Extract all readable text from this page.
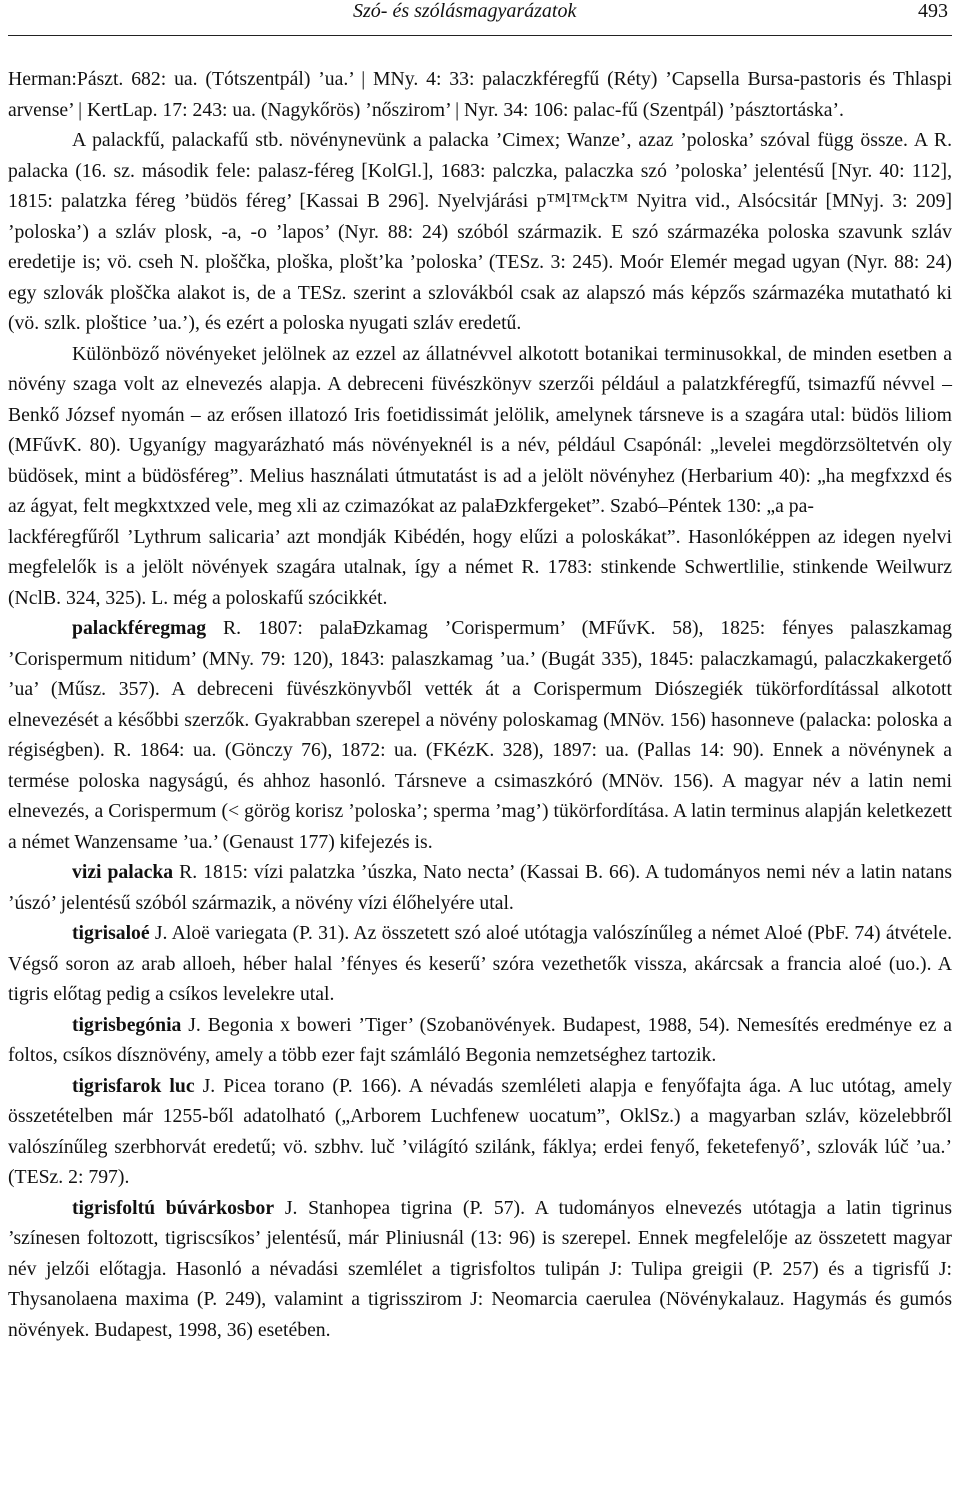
Szó- és szólásmagyarázatok	493

Herman:Pászt. 682: ua. (Tótszentpál) ’ua.’ | MNy. 4: 33: palaczkféregfű (Réty) ’Capsella Bursa-pastoris és Thlaspi arvense’ | KertLap. 17: 243: ua. (Nagykőrös) ’nőszirom’ | Nyr. 34: 106: palac-fű (Szentpál) ’pásztortáska’.

A palackfű, palackafű stb. növénynevünk a palacka ’Cimex; Wanze’, azaz ’poloska’ szóval függ össze. A R. palacka (16. sz. második fele: palasz-féreg [KolGl.], 1683: palczka, palaczka szó ’poloska’ jelentésű [Nyr. 40: 112], 1815: palatzka féreg ’büdös féreg’ [Kassai B 296]. Nyelvjárási p™l™ck™ Nyitra vid., Alsócsitár [MNyj. 3: 209] ’poloska’) a szláv plosk, -a, -o ’lapos’ (Nyr. 88: 24) szóból származik. E szó származéka poloska szavunk szláv eredetije is; vö. cseh N. ploščka, ploška, plošt’ka ’poloska’ (TESz. 3: 245). Moór Elemér megad ugyan (Nyr. 88: 24) egy szlovák ploščka alakot is, de a TESz. szerint a szlovákból csak az alapszó más képzős származéka mutatható ki (vö. szlk. ploštice ’ua.’), és ezért a poloska nyugati szláv eredetű.

Különböző növényeket jelölnek az ezzel az állatnévvel alkotott botanikai terminusokkal, de minden esetben a növény szaga volt az elnevezés alapja. A debreceni füvészkönyv szerzői például a palatzkféregfű, tsimazfű névvel – Benkő József nyomán – az erősen illatozó Iris foetidissimát jelölik, amelynek társneve is a szagára utal: büdös liliom (MFűvK. 80). Ugyanígy magyarázható más növényeknél is a név, például Csapónál: „levelei megdörzsöltetvén oly büdösek, mint a büdösféreg”. Melius használati útmutatást is ad a jelölt növényhez (Herbarium 40): „ha megfxzxd és az ágyat, felt megkxtxzed vele, meg xli az czimazókat az palaÐzkfergeket”. Szabó–Péntek 130: „a pa-

lackféregfűről ’Lythrum salicaria’ azt mondják Kibédén, hogy elűzi a poloskákat”. Hasonlóképpen az idegen nyelvi megfelelők is a jelölt növények szagára utalnak, így a német R. 1783: stinkende Schwertlilie, stinkende Weilwurz (NclB. 324, 325). L. még a poloskafű szócikkét.

palackféregmag R. 1807: palaÐzkamag ’Corispermum’ (MFűvK. 58), 1825: fényes palaszkamag ’Corispermum nitidum’ (MNy. 79: 120), 1843: palaszkamag ’ua.’ (Bugát 335), 1845: palaczkamagú, palaczkakergető ’ua’ (Műsz. 357). A debreceni füvészkönyvből vették át a Corispermum Diószegiék tükörfordítással alkotott elnevezését a későbbi szerzők. Gyakrabban szerepel a növény poloskamag (MNöv. 156) hasonneve (palacka: poloska a régiségben). R. 1864: ua. (Gönczy 76), 1872: ua. (FKézK. 328), 1897: ua. (Pallas 14: 90). Ennek a növénynek a termése poloska nagyságú, és ahhoz hasonló. Társneve a csimaszkóró (MNöv. 156). A magyar név a latin nemi elnevezés, a Corispermum (< görög korisz ’poloska’; sperma ’mag’) tükörfordítása. A latin terminus alapján keletkezett a német Wanzensame ’ua.’ (Genaust 177) kifejezés is.

vizi palacka R. 1815: vízi palatzka ’úszka, Nato necta’ (Kassai B. 66). A tudományos nemi név a latin natans ’úszó’ jelentésű szóból származik, a növény vízi élőhelyére utal.

tigrisaloé J. Aloë variegata (P. 31). Az összetett szó aloé utótagja valószínűleg a német Aloé (PbF. 74) átvétele. Végső soron az arab alloeh, héber halal ’fényes és keserű’ szóra vezethetők vissza, akárcsak a francia aloé (uo.). A tigris előtag pedig a csíkos levelekre utal.

tigrisbegónia J. Begonia x boweri ’Tiger’ (Szobanövények. Budapest, 1988, 54). Nemesítés eredménye ez a foltos, csíkos dísznövény, amely a több ezer fajt számláló Begonia nemzetséghez tartozik.

tigrisfarok luc J. Picea torano (P. 166). A névadás szemléleti alapja e fenyőfajta ága. A luc utótag, amely összetételben már 1255-ből adatolható („Arborem Luchfenew uocatum”, OklSz.) a magyarban szláv, közelebbről valószínűleg szerbhorvát eredetű; vö. szbhv. luč ’világító szilánk, fáklya; erdei fenyő, feketefenyő’, szlovák lúč ’ua.’ (TESz. 2: 797).

tigrisfoltú búvárkosbor J. Stanhopea tigrina (P. 57). A tudományos elnevezés utótagja a latin tigrinus ’színesen foltozott, tigriscsíkos’ jelentésű, már Pliniusnál (13: 96) is szerepel. Ennek megfelelője az összetett magyar név jelzői előtagja. Hasonló a névadási szemlélet a tigrisfoltos tulipán J: Tulipa greigii (P. 257) és a tigrisfű J: Thysanolaena maxima (P. 249), valamint a tigrisszirom J: Neomarcia caerulea (Növénykalauz. Hagymás és gumós növények. Budapest, 1998, 36) esetében.
